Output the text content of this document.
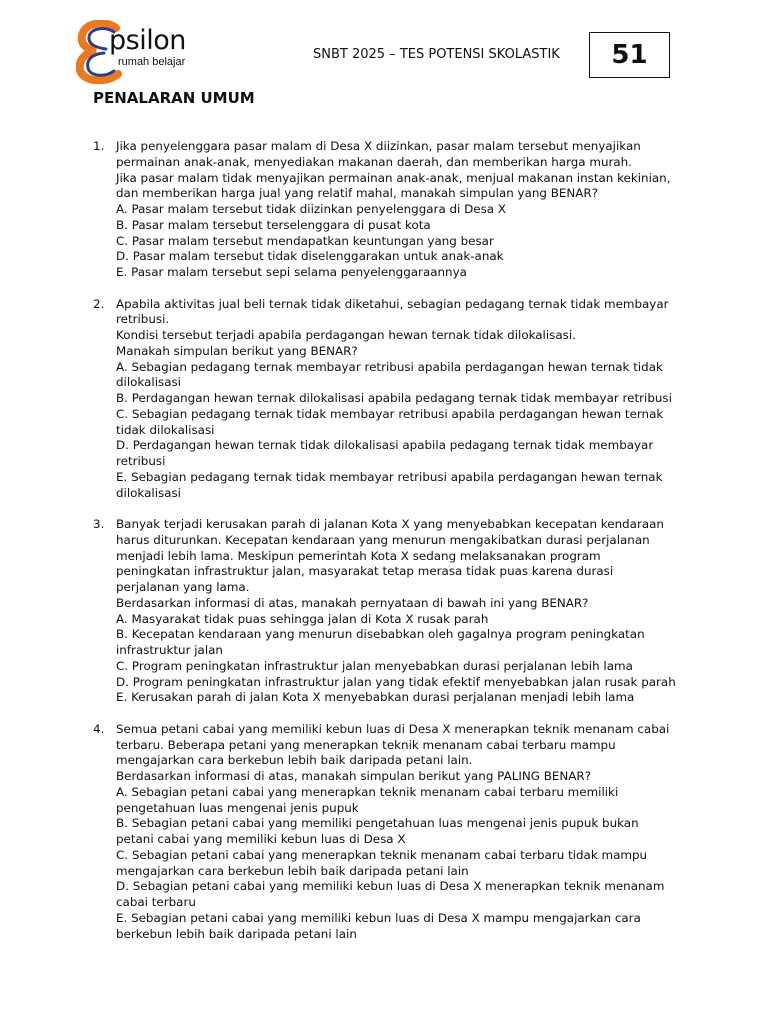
psilon
rumah belajar	SNBT 2025 – TES POTENSI SKOLASTIK 51
PENALARAN UMUM
1. Jika penyelenggara pasar malam di Desa X diizinkan, pasar malam tersebut menyajikan permainan anak-anak, menyediakan makanan daerah, dan memberikan harga murah.

Jika pasar malam tidak menyajikan permainan anak-anak, menjual makanan instan kekinian, dan memberikan harga jual yang relatif mahal, manakah simpulan yang BENAR?

A. Pasar malam tersebut tidak diizinkan penyelenggara di Desa X

B. Pasar malam tersebut terselenggara di pusat kota

C. Pasar malam tersebut mendapatkan keuntungan yang besar

D. Pasar malam tersebut tidak diselenggarakan untuk anak-anak

E. Pasar malam tersebut sepi selama penyelenggaraannya

2. Apabila aktivitas jual beli ternak tidak diketahui, sebagian pedagang ternak tidak membayar retribusi.

Kondisi tersebut terjadi apabila perdagangan hewan ternak tidak dilokalisasi.

Manakah simpulan berikut yang BENAR?

A. Sebagian pedagang ternak membayar retribusi apabila perdagangan hewan ternak tidak dilokalisasi

B. Perdagangan hewan ternak dilokalisasi apabila pedagang ternak tidak membayar retribusi

C. Sebagian pedagang ternak tidak membayar retribusi apabila perdagangan hewan ternak tidak dilokalisasi

D. Perdagangan hewan ternak tidak dilokalisasi apabila pedagang ternak tidak membayar retribusi

E. Sebagian pedagang ternak tidak membayar retribusi apabila perdagangan hewan ternak dilokalisasi

3. Banyak terjadi kerusakan parah di jalanan Kota X yang menyebabkan kecepatan kendaraan harus diturunkan. Kecepatan kendaraan yang menurun mengakibatkan durasi perjalanan menjadi lebih lama. Meskipun pemerintah Kota X sedang melaksanakan program peningkatan infrastruktur jalan, masyarakat tetap merasa tidak puas karena durasi perjalanan yang lama.

Berdasarkan informasi di atas, manakah pernyataan di bawah ini yang BENAR?

A. Masyarakat tidak puas sehingga jalan di Kota X rusak parah

B. Kecepatan kendaraan yang menurun disebabkan oleh gagalnya program peningkatan infrastruktur jalan

C. Program peningkatan infrastruktur jalan menyebabkan durasi perjalanan lebih lama

D. Program peningkatan infrastruktur jalan yang tidak efektif menyebabkan jalan rusak parah

E. Kerusakan parah di jalan Kota X menyebabkan durasi perjalanan menjadi lebih lama

4. Semua petani cabai yang memiliki kebun luas di Desa X menerapkan teknik menanam cabai terbaru. Beberapa petani yang menerapkan teknik menanam cabai terbaru mampu mengajarkan cara berkebun lebih baik daripada petani lain.

Berdasarkan informasi di atas, manakah simpulan berikut yang PALING BENAR?

A. Sebagian petani cabai yang menerapkan teknik menanam cabai terbaru memiliki pengetahuan luas mengenai jenis pupuk

B. Sebagian petani cabai yang memiliki pengetahuan luas mengenai jenis pupuk bukan petani cabai yang memiliki kebun luas di Desa X

C. Sebagian petani cabai yang menerapkan teknik menanam cabai terbaru tidak mampu mengajarkan cara berkebun lebih baik daripada petani lain

D. Sebagian petani cabai yang memiliki kebun luas di Desa X menerapkan teknik menanam cabai terbaru

E. Sebagian petani cabai yang memiliki kebun luas di Desa X mampu mengajarkan cara berkebun lebih baik daripada petani lain
